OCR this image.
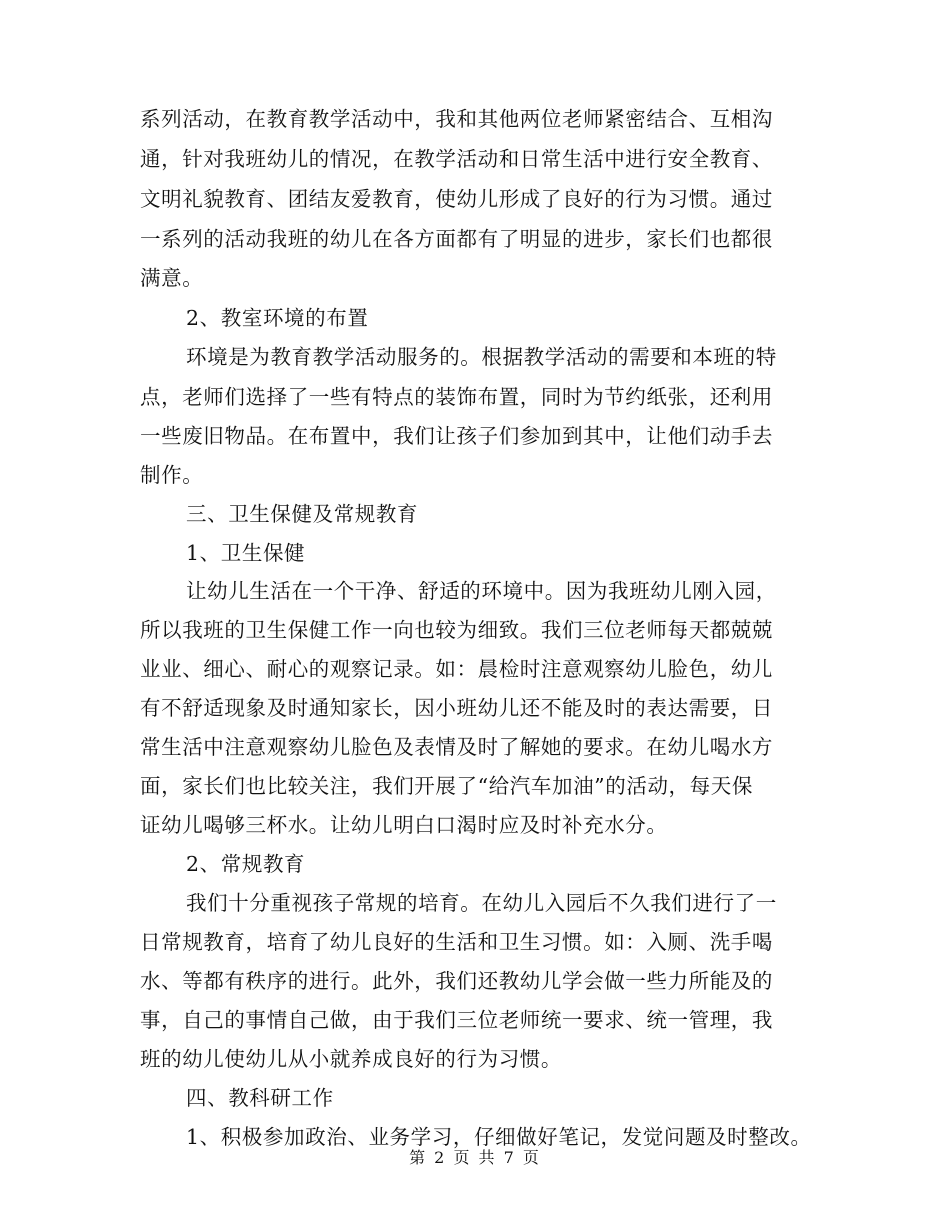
系列活动，在教育教学活动中，我和其他两位老师紧密结合、互相沟
通，针对我班幼儿的情况，在教学活动和日常生活中进行安全教育、
文明礼貌教育、团结友爱教育，使幼儿形成了良好的行为习惯。通过
一系列的活动我班的幼儿在各方面都有了明显的进步，家长们也都很
满意。
2、教室环境的布置
环境是为教育教学活动服务的。根据教学活动的需要和本班的特
点，老师们选择了一些有特点的装饰布置，同时为节约纸张，还利用
一些废旧物品。在布置中，我们让孩子们参加到其中，让他们动手去
制作。
三、卫生保健及常规教育
1、卫生保健
让幼儿生活在一个干净、舒适的环境中。因为我班幼儿刚入园，
所以我班的卫生保健工作一向也较为细致。我们三位老师每天都兢兢
业业、细心、耐心的观察记录。如：晨检时注意观察幼儿脸色，幼儿
有不舒适现象及时通知家长，因小班幼儿还不能及时的表达需要，日
常生活中注意观察幼儿脸色及表情及时了解她的要求。在幼儿喝水方
面，家长们也比较关注，我们开展了“给汽车加油”的活动，每天保
证幼儿喝够三杯水。让幼儿明白口渴时应及时补充水分。
2、常规教育
我们十分重视孩子常规的培育。在幼儿入园后不久我们进行了一
日常规教育，培育了幼儿良好的生活和卫生习惯。如：入厕、洗手喝
水、等都有秩序的进行。此外，我们还教幼儿学会做一些力所能及的
事，自己的事情自己做，由于我们三位老师统一要求、统一管理，我
班的幼儿使幼儿从小就养成良好的行为习惯。
四、教科研工作
1、积极参加政治、业务学习，仔细做好笔记，发觉问题及时整改。
第 2 页 共 7 页
